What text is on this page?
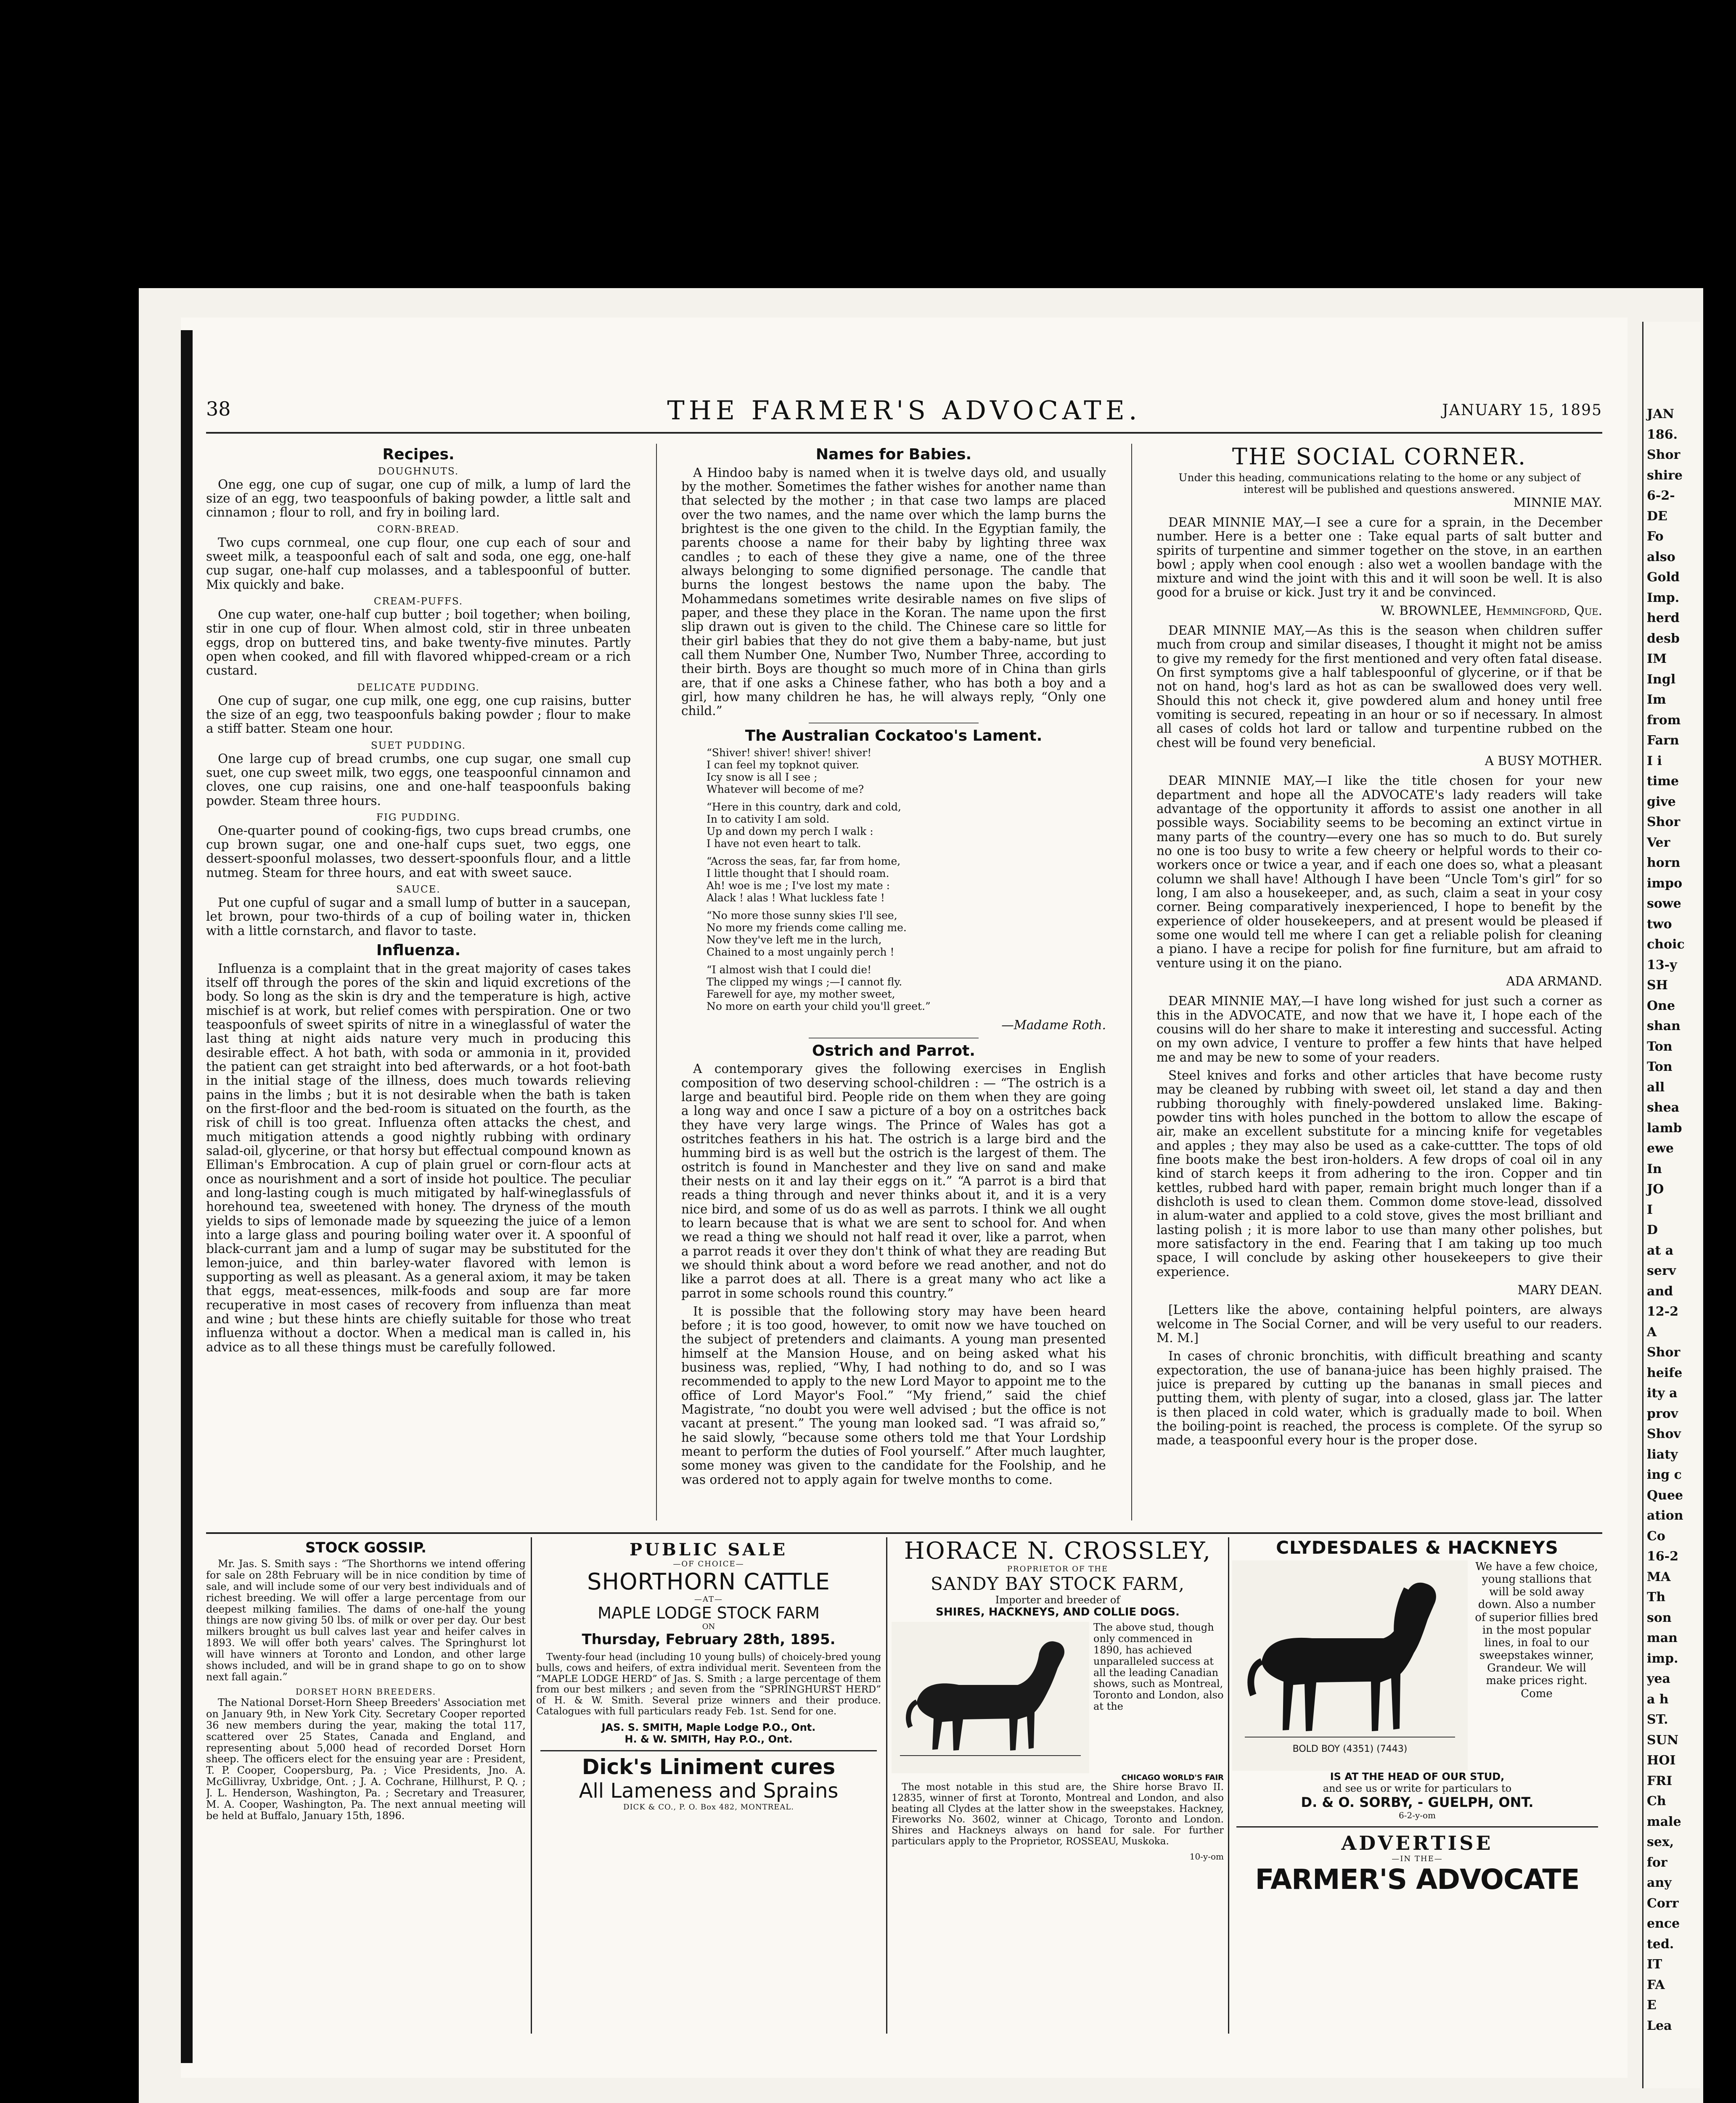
JAN
186.
Shor
shire
6-2-
DE
Fo
also
Gold
Imp.
herd
desb
IM
Ingl
Im
from
Farn
I i
time
give
Shor
Ver
horn
impo
sowe
two
choic
13-y
SH
One
shan
Ton
Ton
all
shea
lamb
ewe
In
JO
I
D
at a
serv
and
12-2
A
Shor
heife
ity a
prov
Shov
liaty
ing c
Quee
ation
Co
16-2
MA
Th
son
man
imp.
yea
a h
ST.
SUN
HOI
FRI
Ch
male
sex,
for
any
Corr
ence
ted.
IT
FA
E
Lea
38	THE FARMER'S ADVOCATE.	JANUARY 15, 1895
Recipes.
DOUGHNUTS.

One egg, one cup of sugar, one cup of milk, a lump of lard the size of an egg, two teaspoonfuls of baking powder, a little salt and cinnamon ; flour to roll, and fry in boiling lard.

CORN-BREAD.

Two cups cornmeal, one cup flour, one cup each of sour and sweet milk, a teaspoonful each of salt and soda, one egg, one-half cup sugar, one-half cup molasses, and a tablespoonful of butter. Mix quickly and bake.

CREAM-PUFFS.

One cup water, one-half cup butter ; boil together; when boiling, stir in one cup of flour. When almost cold, stir in three unbeaten eggs, drop on buttered tins, and bake twenty-five minutes. Partly open when cooked, and fill with flavored whipped-cream or a rich custard.

DELICATE PUDDING.

One cup of sugar, one cup milk, one egg, one cup raisins, butter the size of an egg, two teaspoonfuls baking powder ; flour to make a stiff batter. Steam one hour.

SUET PUDDING.

One large cup of bread crumbs, one cup sugar, one small cup suet, one cup sweet milk, two eggs, one teaspoonful cinnamon and cloves, one cup raisins, one and one-half teaspoonfuls baking powder. Steam three hours.

FIG PUDDING.

One-quarter pound of cooking-figs, two cups bread crumbs, one cup brown sugar, one and one-half cups suet, two eggs, one dessert-spoonful molasses, two dessert-spoonfuls flour, and a little nutmeg. Steam for three hours, and eat with sweet sauce.

SAUCE.

Put one cupful of sugar and a small lump of butter in a saucepan, let brown, pour two-thirds of a cup of boiling water in, thicken with a little cornstarch, and flavor to taste.

Influenza.

Influenza is a complaint that in the great majority of cases takes itself off through the pores of the skin and liquid excretions of the body. So long as the skin is dry and the temperature is high, active mischief is at work, but relief comes with perspiration. One or two teaspoonfuls of sweet spirits of nitre in a wineglassful of water the last thing at night aids nature very much in producing this desirable effect. A hot bath, with soda or ammonia in it, provided the patient can get straight into bed afterwards, or a hot foot-bath in the initial stage of the illness, does much towards relieving pains in the limbs ; but it is not desirable when the bath is taken on the first-floor and the bed-room is situated on the fourth, as the risk of chill is too great. Influenza often attacks the chest, and much mitigation attends a good nightly rubbing with ordinary salad-oil, glycerine, or that horsy but effectual compound known as Elliman's Embrocation. A cup of plain gruel or corn-flour acts at once as nourishment and a sort of inside hot poultice. The peculiar and long-lasting cough is much mitigated by half-wineglassfuls of horehound tea, sweetened with honey. The dryness of the mouth yields to sips of lemonade made by squeezing the juice of a lemon into a large glass and pouring boiling water over it. A spoonful of black-currant jam and a lump of sugar may be substituted for the lemon-juice, and thin barley-water flavored with lemon is supporting as well as pleasant. As a general axiom, it may be taken that eggs, meat-essences, milk-foods and soup are far more recuperative in most cases of recovery from influenza than meat and wine ; but these hints are chiefly suitable for those who treat influenza without a doctor. When a medical man is called in, his advice as to all these things must be carefully followed.

Names for Babies.

A Hindoo baby is named when it is twelve days old, and usually by the mother. Sometimes the father wishes for another name than that selected by the mother ; in that case two lamps are placed over the two names, and the name over which the lamp burns the brightest is the one given to the child. In the Egyptian family, the parents choose a name for their baby by lighting three wax candles ; to each of these they give a name, one of the three always belonging to some dignified personage. The candle that burns the longest bestows the name upon the baby. The Mohammedans sometimes write desirable names on five slips of paper, and these they place in the Koran. The name upon the first slip drawn out is given to the child. The Chinese care so little for their girl babies that they do not give them a baby-name, but just call them Number One, Number Two, Number Three, according to their birth. Boys are thought so much more of in China than girls are, that if one asks a Chinese father, who has both a boy and a girl, how many children he has, he will always reply, “Only one child.”

The Australian Cockatoo's Lament.
“Shiver! shiver! shiver! shiver!
I can feel my topknot quiver.
Icy snow is all I see ;
Whatever will become of me?
“Here in this country, dark and cold,
In to cativity I am sold.
Up and down my perch I walk :
I have not even heart to talk.
“Across the seas, far, far from home,
I little thought that I should roam.
Ah! woe is me ; I've lost my mate :
Alack ! alas ! What luckless fate !
“No more those sunny skies I'll see,
No more my friends come calling me.
Now they've left me in the lurch,
Chained to a most ungainly perch !
“I almost wish that I could die!
The clipped my wings ;—I cannot fly.
Farewell for aye, my mother sweet,
No more on earth your child you'll greet.”
—Madame Roth.
Ostrich and Parrot.

A contemporary gives the following exercises in English composition of two deserving school-children : — “The ostrich is a large and beautiful bird. People ride on them when they are going a long way and once I saw a picture of a boy on a ostritches back they have very large wings. The Prince of Wales has got a ostritches feathers in his hat. The ostrich is a large bird and the humming bird is as well but the ostrich is the largest of them. The ostritch is found in Manchester and they live on sand and make their nests on it and lay their eggs on it.” “A parrot is a bird that reads a thing through and never thinks about it, and it is a very nice bird, and some of us do as well as parrots. I think we all ought to learn because that is what we are sent to school for. And when we read a thing we should not half read it over, like a parrot, when a parrot reads it over they don't think of what they are reading But we should think about a word before we read another, and not do like a parrot does at all. There is a great many who act like a parrot in some schools round this country.”

It is possible that the following story may have been heard before ; it is too good, however, to omit now we have touched on the subject of pretenders and claimants. A young man presented himself at the Mansion House, and on being asked what his business was, replied, “Why, I had nothing to do, and so I was recommended to apply to the new Lord Mayor to appoint me to the office of Lord Mayor's Fool.” “My friend,” said the chief Magistrate, “no doubt you were well advised ; but the office is not vacant at present.” The young man looked sad. “I was afraid so,” he said slowly, “because some others told me that Your Lordship meant to perform the duties of Fool yourself.” After much laughter, some money was given to the candidate for the Foolship, and he was ordered not to apply again for twelve months to come.

THE SOCIAL CORNER.
Under this heading, communications relating to the home or any subject of interest will be published and questions answered.
MINNIE MAY.

DEAR MINNIE MAY,—I see a cure for a sprain, in the December number. Here is a better one : Take equal parts of salt butter and spirits of turpentine and simmer together on the stove, in an earthen bowl ; apply when cool enough : also wet a woollen bandage with the mixture and wind the joint with this and it will soon be well. It is also good for a bruise or kick. Just try it and be convinced.

W. BROWNLEE, Hemmingford, Que.

DEAR MINNIE MAY,—As this is the season when children suffer much from croup and similar diseases, I thought it might not be amiss to give my remedy for the first mentioned and very often fatal disease. On first symptoms give a half tablespoonful of glycerine, or if that be not on hand, hog's lard as hot as can be swallowed does very well. Should this not check it, give powdered alum and honey until free vomiting is secured, repeating in an hour or so if necessary. In almost all cases of colds hot lard or tallow and turpentine rubbed on the chest will be found very beneficial.

A BUSY MOTHER.

DEAR MINNIE MAY,—I like the title chosen for your new department and hope all the ADVOCATE's lady readers will take advantage of the opportunity it affords to assist one another in all possible ways. Sociability seems to be becoming an extinct virtue in many parts of the country—every one has so much to do. But surely no one is too busy to write a few cheery or helpful words to their co-workers once or twice a year, and if each one does so, what a pleasant column we shall have! Although I have been “Uncle Tom's girl” for so long, I am also a housekeeper, and, as such, claim a seat in your cosy corner. Being comparatively inexperienced, I hope to benefit by the experience of older housekeepers, and at present would be pleased if some one would tell me where I can get a reliable polish for cleaning a piano. I have a recipe for polish for fine furniture, but am afraid to venture using it on the piano.

ADA ARMAND.

DEAR MINNIE MAY,—I have long wished for just such a corner as this in the ADVOCATE, and now that we have it, I hope each of the cousins will do her share to make it interesting and successful. Acting on my own advice, I venture to proffer a few hints that have helped me and may be new to some of your readers.

Steel knives and forks and other articles that have become rusty may be cleaned by rubbing with sweet oil, let stand a day and then rubbing thoroughly with finely-powdered unslaked lime. Baking-powder tins with holes punched in the bottom to allow the escape of air, make an excellent substitute for a mincing knife for vegetables and apples ; they may also be used as a cake-cuttter. The tops of old fine boots make the best iron-holders. A few drops of coal oil in any kind of starch keeps it from adhering to the iron. Copper and tin kettles, rubbed hard with paper, remain bright much longer than if a dishcloth is used to clean them. Common dome stove-lead, dissolved in alum-water and applied to a cold stove, gives the most brilliant and lasting polish ; it is more labor to use than many other polishes, but more satisfactory in the end. Fearing that I am taking up too much space, I will conclude by asking other housekeepers to give their experience.

MARY DEAN.

[Letters like the above, containing helpful pointers, are always welcome in The Social Corner, and will be very useful to our readers. M. M.]

In cases of chronic bronchitis, with difficult breathing and scanty expectoration, the use of banana-juice has been highly praised. The juice is prepared by cutting up the bananas in small pieces and putting them, with plenty of sugar, into a closed, glass jar. The latter is then placed in cold water, which is gradually made to boil. When the boiling-point is reached, the process is complete. Of the syrup so made, a teaspoonful every hour is the proper dose.

STOCK GOSSIP.

Mr. Jas. S. Smith says : “The Shorthorns we intend offering for sale on 28th February will be in nice condition by time of sale, and will include some of our very best individuals and of richest breeding. We will offer a large percentage from our deepest milking families. The dams of one-half the young things are now giving 50 lbs. of milk or over per day. Our best milkers brought us bull calves last year and heifer calves in 1893. We will offer both years' calves. The Springhurst lot will have winners at Toronto and London, and other large shows included, and will be in grand shape to go on to show next fall again.”

DORSET HORN BREEDERS.

The National Dorset-Horn Sheep Breeders' Association met on January 9th, in New York City. Secretary Cooper reported 36 new members during the year, making the total 117, scattered over 25 States, Canada and England, and representing about 5,000 head of recorded Dorset Horn sheep. The officers elect for the ensuing year are : President, T. P. Cooper, Coopersburg, Pa. ; Vice Presidents, Jno. A. McGillivray, Uxbridge, Ont. ; J. A. Cochrane, Hillhurst, P. Q. ; J. L. Henderson, Washington, Pa. ; Secretary and Treasurer, M. A. Cooper, Washington, Pa. The next annual meeting will be held at Buffalo, January 15th, 1896.

PUBLIC SALE
—OF CHOICE—
SHORTHORN CATTLE
—AT—
MAPLE LODGE STOCK FARM
ON
Thursday, February 28th, 1895.

Twenty-four head (including 10 young bulls) of choicely-bred young bulls, cows and heifers, of extra individual merit. Seventeen from the “MAPLE LODGE HERD” of Jas. S. Smith ; a large percentage of them from our best milkers ; and seven from the “SPRINGHURST HERD” of H. & W. Smith. Several prize winners and their produce. Catalogues with full particulars ready Feb. 1st. Send for one.

JAS. S. SMITH, Maple Lodge P.O., Ont.
H. & W. SMITH, Hay P.O., Ont.
Dick's Liniment cures
All Lameness and Sprains
DICK & CO., P. O. Box 482, MONTREAL.
HORACE N. CROSSLEY,
PROPRIETOR OF THE
SANDY BAY STOCK FARM,
Importer and breeder of
SHIRES, HACKNEYS, AND COLLIE DOGS.
The above stud, though only commenced in 1890, has achieved unparalleled success at all the leading Canadian shows, such as Montreal, Toronto and London, also at the
CHICAGO WORLD'S FAIR

The most notable in this stud are, the Shire horse Bravo II. 12835, winner of first at Toronto, Montreal and London, and also beating all Clydes at the latter show in the sweepstakes. Hackney, Fireworks No. 3602, winner at Chicago, Toronto and London. Shires and Hackneys always on hand for sale. For further particulars apply to the Proprietor, ROSSEAU, Muskoka.

10-y-om
CLYDESDALES & HACKNEYS
BOLD BOY (4351) (7443)
We have a few choice, young stallions that will be sold away down. Also a number of superior fillies bred in the most popular lines, in foal to our sweepstakes winner, Grandeur. We will make prices right. Come
IS AT THE HEAD OF OUR STUD,
and see us or write for particulars to
D. & O. SORBY, - GUELPH, ONT.
6-2-y-om
ADVERTISE
—IN THE—
FARMER'S ADVOCATE
